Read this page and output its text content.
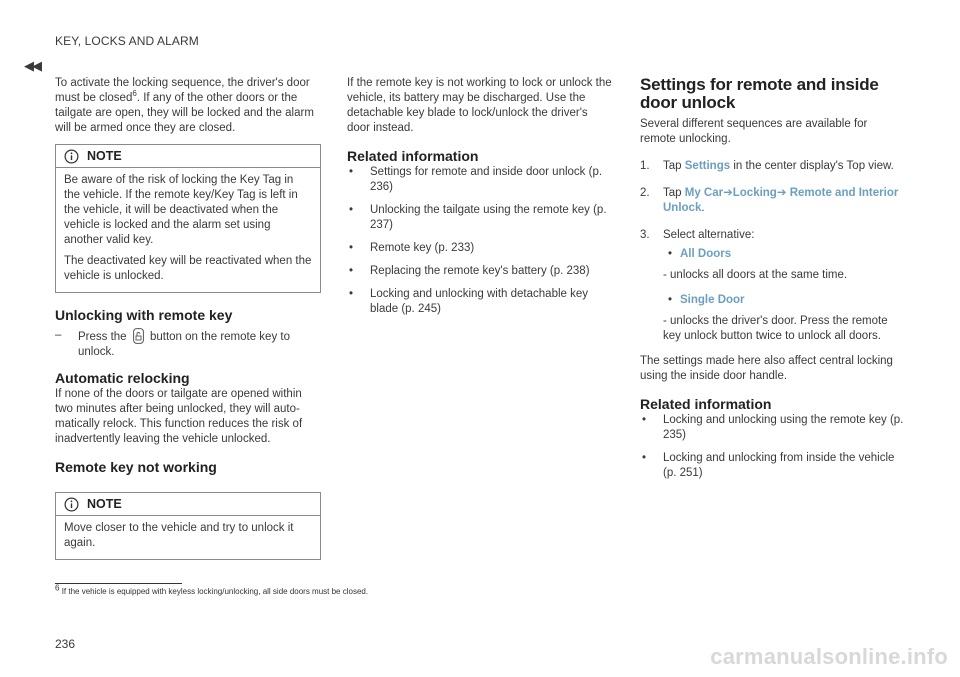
KEY, LOCKS AND ALARM
◀◀

To activate the locking sequence, the driver's door must be closed$^6$. If any of the other doors or the tailgate are open, they will be locked and the alarm will be armed once they are closed.

NOTE

Be aware of the risk of locking the Key Tag in the vehicle. If the remote key/Key Tag is left in the vehicle, it will be deactivated when the vehicle is locked and the alarm set using another valid key.

The deactivated key will be reactivated when the vehicle is unlocked.

Unlocking with remote key
– Press the button on the remote key to unlock.
Automatic relocking

If none of the doors or tailgate are opened within two minutes after being unlocked, they will automatically relock. This function reduces the risk of inadvertently leaving the vehicle unlocked.

Remote key not working
NOTE

Move closer to the vehicle and try to unlock it again.

If the remote key is not working to lock or unlock the vehicle, its battery may be discharged. Use the detachable key blade to lock/unlock the driver's door instead.

Related information
• Settings for remote and inside door unlock (p. 236)
• Unlocking the tailgate using the remote key (p. 237)
• Remote key (p. 233)
• Replacing the remote key's battery (p. 238)
• Locking and unlocking with detachable key blade (p. 245)
Settings for remote and inside door unlock

Several different sequences are available for remote unlocking.

1. Tap Settings in the center display's Top view.
2. Tap My Car➔Locking➔ Remote and Interior Unlock.
3. Select alternative:
• All Doors
- unlocks all doors at the same time.
• Single Door
- unlocks the driver's door. Press the remote key unlock button twice to unlock all doors.

The settings made here also affect central locking using the inside door handle.

Related information
• Locking and unlocking using the remote key (p. 235)
• Locking and unlocking from inside the vehicle (p. 251)
$^6$ If the vehicle is equipped with keyless locking/unlocking, all side doors must be closed.
236	carmanualsonline.info
